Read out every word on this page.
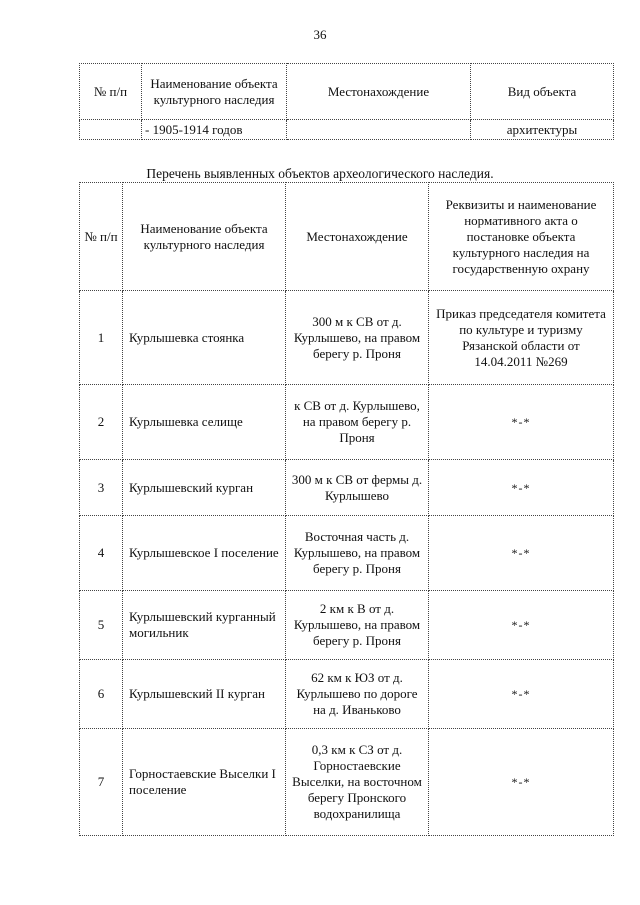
36
№ п/п	Наименование объекта культурного наследия	Местонахождение	Вид объекта
	- 1905-1914 годов		архитектуры
Перечень выявленных объектов археологического наследия.
№ п/п	Наименование объекта культурного наследия	Местонахождение	Реквизиты и наименование нормативного акта о постановке объекта культурного наследия на государственную охрану
1	Курлышевка стоянка	300 м к СВ от д. Курлышево, на правом берегу р. Проня	Приказ председателя комитета по культуре и туризму Рязанской области от 14.04.2011 №269
2	Курлышевка селище	к СВ от д. Курлышево, на правом берегу р. Проня	*-*
3	Курлышевский курган	300 м к СВ от фермы д. Курлышево	*-*
4	Курлышевское I поселение	Восточная часть д. Курлышево, на правом берегу р. Проня	*-*
5	Курлышевский курганный могильник	2 км к В от д. Курлышево, на правом берегу р. Проня	*-*
6	Курлышевский II курган	62 км к ЮЗ от д. Курлышево по дороге на д. Иваньково	*-*
7	Горностаевские Выселки I поселение	0,3 км к СЗ от д. Горностаевские Выселки, на восточном берегу Пронского водохранилища	*-*
